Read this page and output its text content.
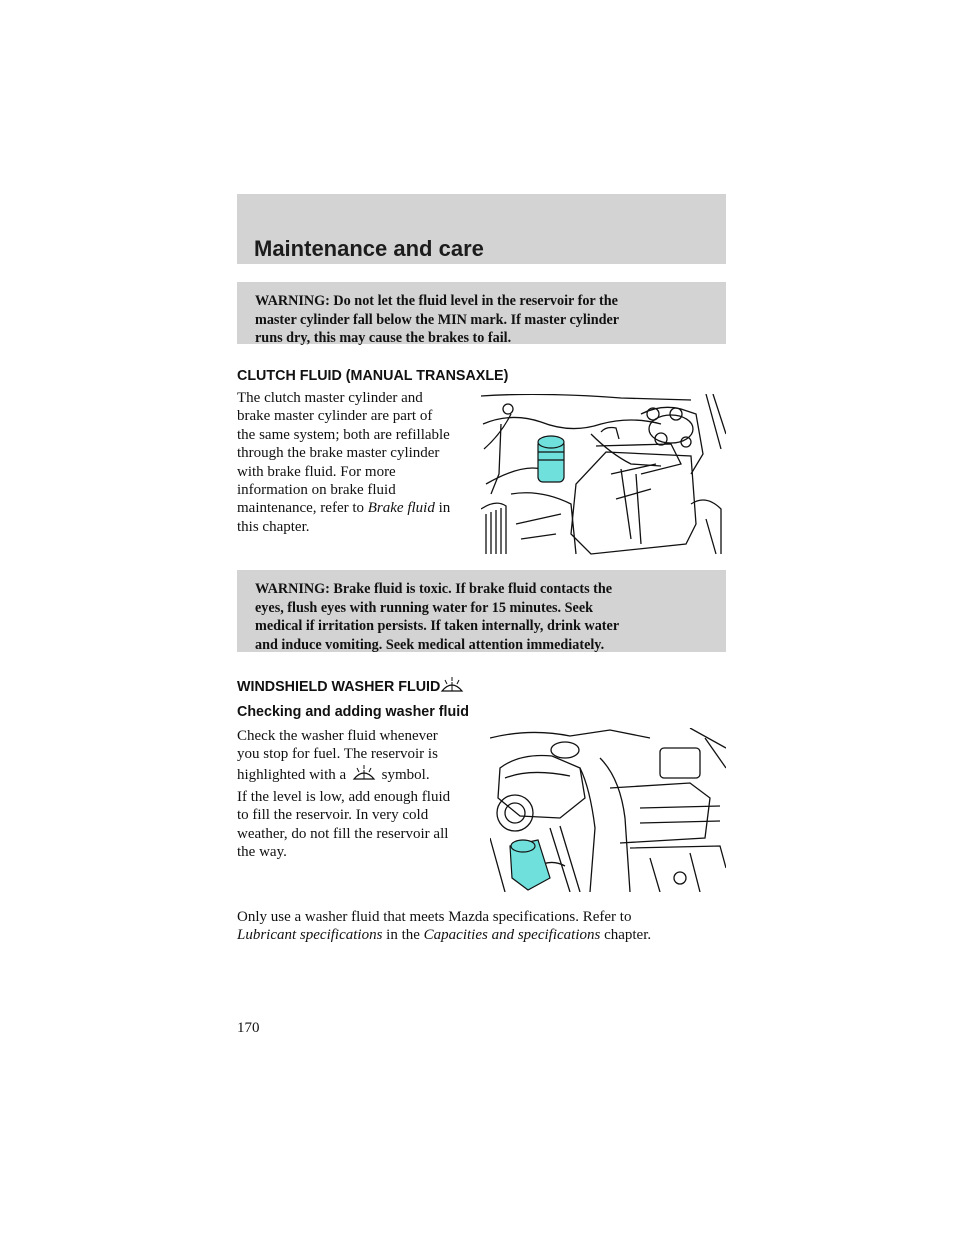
Maintenance and care
WARNING: Do not let the fluid level in the reservoir for the
master cylinder fall below the MIN mark. If master cylinder
runs dry, this may cause the brakes to fail.
CLUTCH FLUID (MANUAL TRANSAXLE)
The clutch master cylinder and
brake master cylinder are part of
the same system; both are refillable
through the brake master cylinder
with brake fluid. For more
information on brake fluid
maintenance, refer to Brake fluid in
this chapter.
WARNING: Brake fluid is toxic. If brake fluid contacts the
eyes, flush eyes with running water for 15 minutes. Seek
medical if irritation persists. If taken internally, drink water
and induce vomiting. Seek medical attention immediately.
WINDSHIELD WASHER FLUID
Checking and adding washer fluid
Check the washer fluid whenever
you stop for fuel. The reservoir is
highlighted with a symbol.
If the level is low, add enough fluid
to fill the reservoir. In very cold
weather, do not fill the reservoir all
the way.
Only use a washer fluid that meets Mazda specifications. Refer to
Lubricant specifications in the Capacities and specifications chapter.
170
